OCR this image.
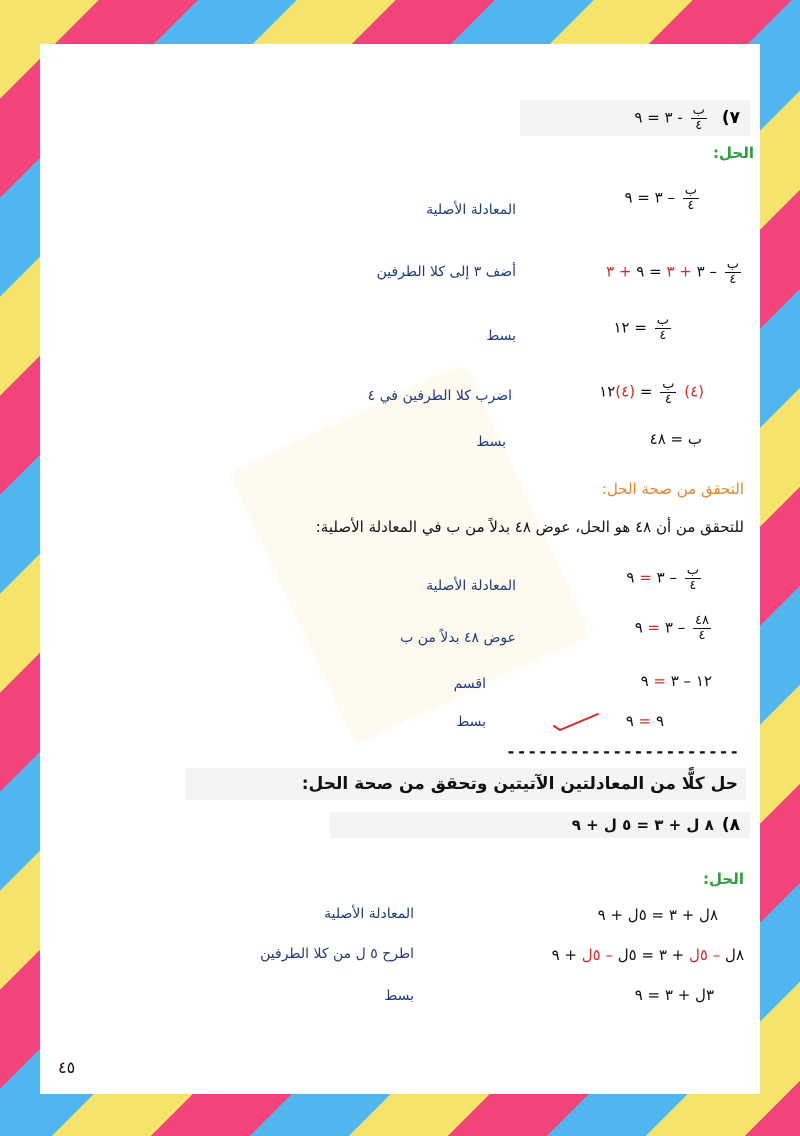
٧)
$\frac{\text{ب}}{٤}$
- ٣ = ٩
الحل:
$\frac{\text{ب}}{٤}$
– ٣ = ٩
المعادلة الأصلية
$\frac{\text{ب}}{٤}$
– ٣ + ٣ = ٩ + ٣
أضف ٣ إلى كلا الطرفين
$\frac{\text{ب}}{٤}$
= ١٢
بسط
(٤)
$\frac{\text{ب}}{٤}$
= (٤)١٢
اضرب كلا الطرفين في ٤
ب = ٤٨
بسط
التحقق من صحة الحل:
للتحقق من أن ٤٨ هو الحل، عوض ٤٨ بدلاً من ب في المعادلة الأصلية:
$\frac{\text{ب}}{٤}$
– ٣ = ٩
المعادلة الأصلية
$\frac{٤٨}{٤}$
– ٣ = ٩
عوض ٤٨ بدلاً من ب
١٢ – ٣ = ٩
اقسم
٩ = ٩
بسط
----------------------
حل كلًّا من المعادلتين الآتيتين وتحقق من صحة الحل:
٨)
٨ ل + ٣ = ٥ ل + ٩
الحل:
٨ل + ٣ = ٥ل + ٩
المعادلة الأصلية
٨ل – ٥ل + ٣ = ٥ل – ٥ل + ٩
اطرح ٥ ل من كلا الطرفين
٣ل + ٣ = ٩
بسط
٤٥
